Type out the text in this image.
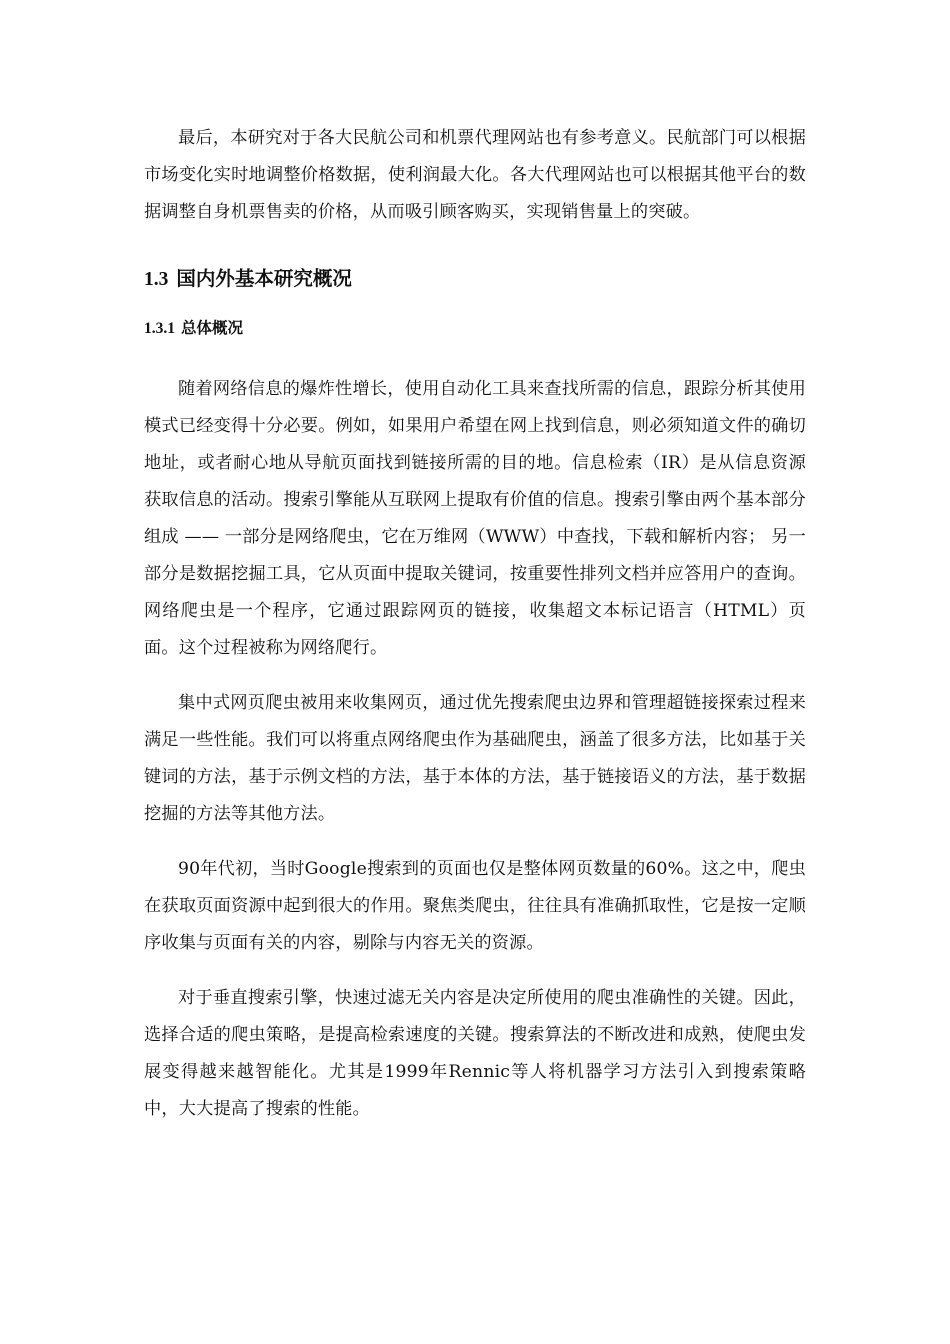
最后，本研究对于各大民航公司和机票代理网站也有参考意义。民航部门可以根据市场变化实时地调整价格数据，使利润最大化。各大代理网站也可以根据其他平台的数据调整自身机票售卖的价格，从而吸引顾客购买，实现销售量上的突破。

1.3 国内外基本研究概况
1.3.1 总体概况

随着网络信息的爆炸性增长，使用自动化工具来查找所需的信息，跟踪分析其使用模式已经变得十分必要。例如，如果用户希望在网上找到信息，则必须知道文件的确切地址，或者耐心地从导航页面找到链接所需的目的地。信息检索（IR）是从信息资源获取信息的活动。搜索引擎能从互联网上提取有价值的信息。搜索引擎由两个基本部分组成 —— 一部分是网络爬虫，它在万维网（WWW）中查找，下载和解析内容； 另一部分是数据挖掘工具，它从页面中提取关键词，按重要性排列文档并应答用户的查询。网络爬虫是一个程序，它通过跟踪网页的链接，收集超文本标记语言（HTML）页面。这个过程被称为网络爬行。

集中式网页爬虫被用来收集网页，通过优先搜索爬虫边界和管理超链接探索过程来满足一些性能。我们可以将重点网络爬虫作为基础爬虫，涵盖了很多方法，比如基于关键词的方法，基于示例文档的方法，基于本体的方法，基于链接语义的方法，基于数据挖掘的方法等其他方法。

90年代初，当时Google搜索到的页面也仅是整体网页数量的60%。这之中，爬虫在获取页面资源中起到很大的作用。聚焦类爬虫，往往具有准确抓取性，它是按一定顺序收集与页面有关的内容，剔除与内容无关的资源。

对于垂直搜索引擎，快速过滤无关内容是决定所使用的爬虫准确性的关键。因此，选择合适的爬虫策略，是提高检索速度的关键。搜索算法的不断改进和成熟，使爬虫发展变得越来越智能化。尤其是1999年Rennic等人将机器学习方法引入到搜索策略中，大大提高了搜索的性能。
